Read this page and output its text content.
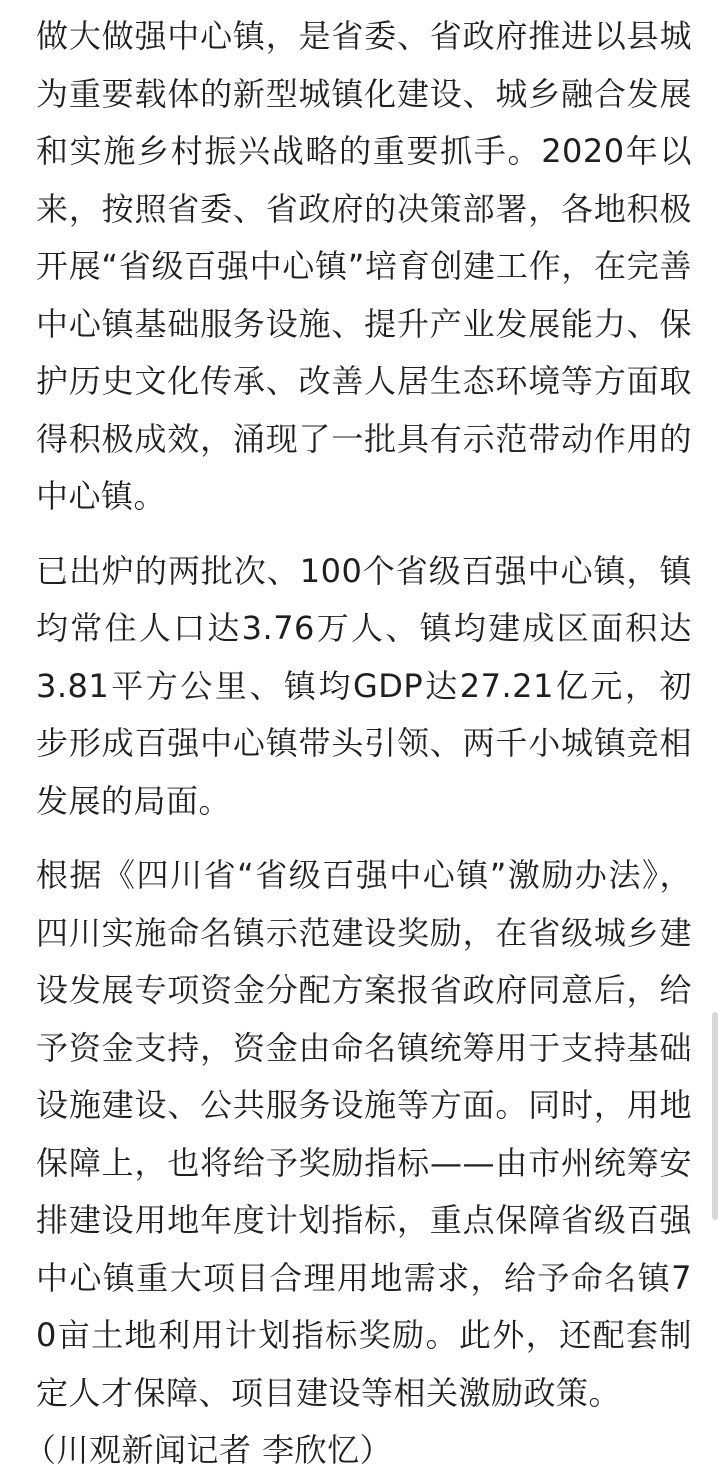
做大做强中心镇，是省委、省政府推进以县城为重要载体的新型城镇化建设、城乡融合发展和实施乡村振兴战略的重要抓手。2020年以来，按照省委、省政府的决策部署，各地积极开展“省级百强中心镇”培育创建工作，在完善中心镇基础服务设施、提升产业发展能力、保护历史文化传承、改善人居生态环境等方面取得积极成效，涌现了一批具有示范带动作用的中心镇。

已出炉的两批次、100个省级百强中心镇，镇均常住人口达3.76万人、镇均建成区面积达3.81平方公里、镇均GDP达27.21亿元，初步形成百强中心镇带头引领、两千小城镇竞相发展的局面。

根据《四川省“省级百强中心镇”激励办法》，四川实施命名镇示范建设奖励，在省级城乡建设发展专项资金分配方案报省政府同意后，给予资金支持，资金由命名镇统筹用于支持基础设施建设、公共服务设施等方面。同时，用地保障上，也将给予奖励指标——由市州统筹安排建设用地年度计划指标，重点保障省级百强中心镇重大项目合理用地需求，给予命名镇70亩土地利用计划指标奖励。此外，还配套制定人才保障、项目建设等相关激励政策。

（川观新闻记者 李欣忆）
